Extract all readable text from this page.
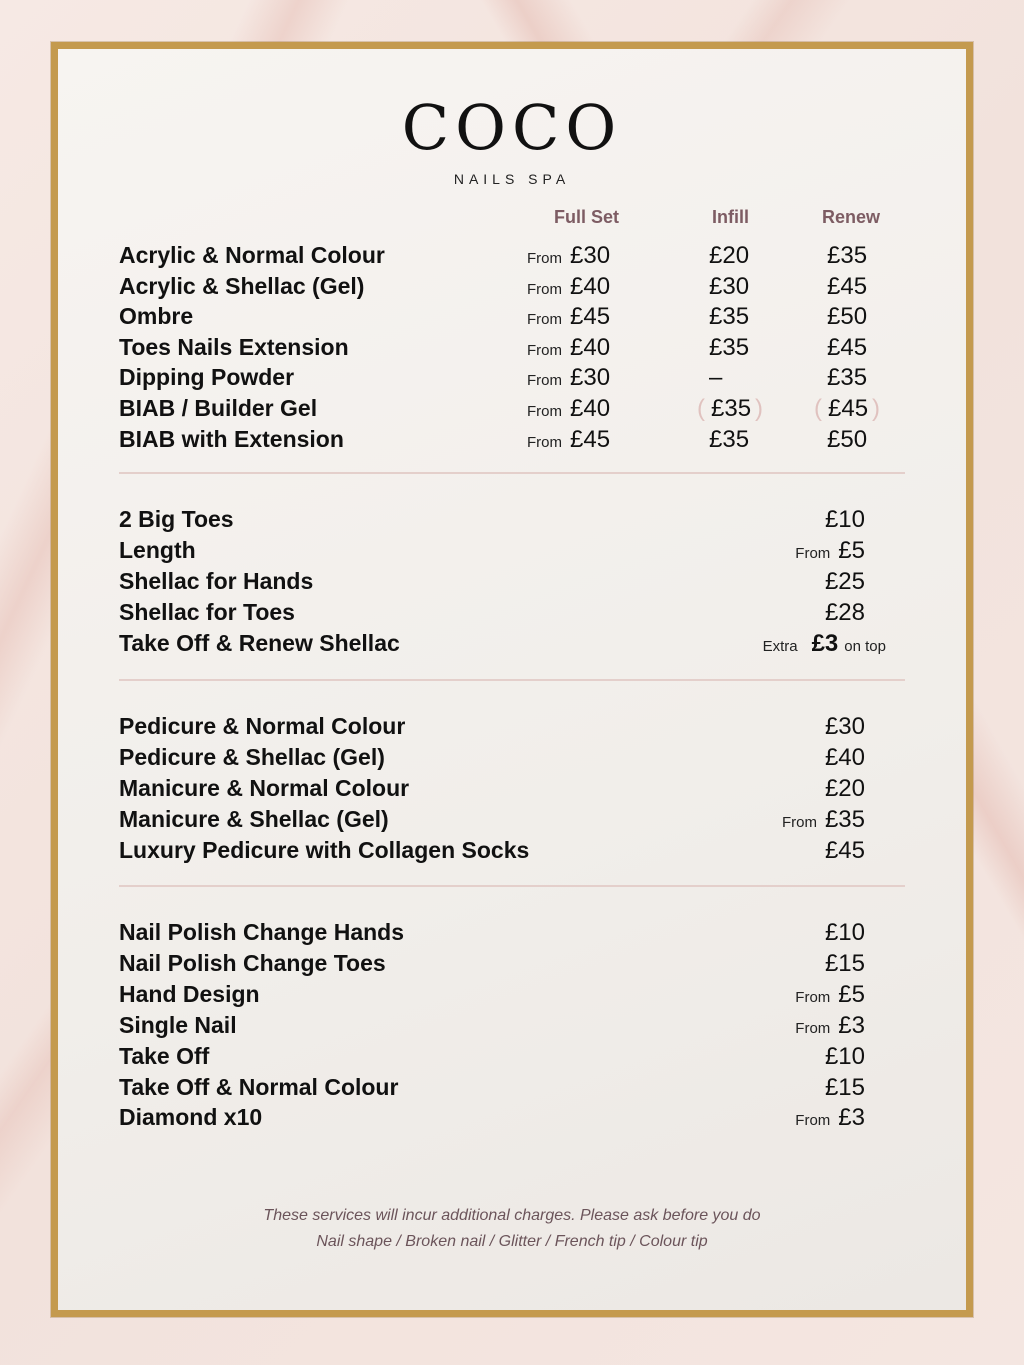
COCO
NAILS SPA
Full Set	Infill	Renew
Acrylic & Normal Colour	From £30	£20	£35
Acrylic & Shellac (Gel)	From £40	£30	£45
Ombre	From £45	£35	£50
Toes Nails Extension	From £40	£35	£45
Dipping Powder	From £30	–	£35
BIAB / Builder Gel	From £40	( £35 ) ( £45 )
BIAB with Extension	From £45	£35	£50
2 Big Toes	£10
Length	From £5
Shellac for Hands	£25
Shellac for Toes	£28
Take Off & Renew Shellac	Extra £3 on top
Pedicure & Normal Colour	£30
Pedicure & Shellac (Gel)	£40
Manicure & Normal Colour	£20
Manicure & Shellac (Gel)	From £35
Luxury Pedicure with Collagen Socks	£45
Nail Polish Change Hands	£10
Nail Polish Change Toes	£15
Hand Design	From £5
Single Nail	From £3
Take Off	£10
Take Off & Normal Colour	£15
Diamond x10	From £3
These services will incur additional charges. Please ask before you do
Nail shape / Broken nail / Glitter / French tip / Colour tip
